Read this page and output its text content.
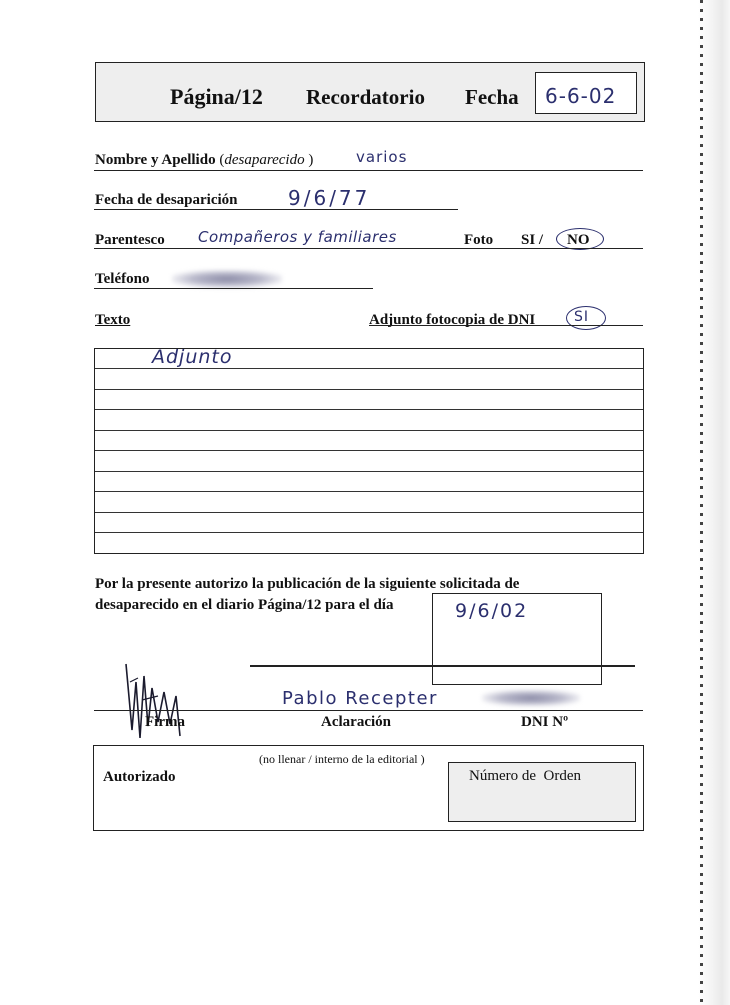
Página/12 Recordatorio Fecha 6-6-02
Nombre y Apellido (desaparecido )	varios
Fecha de desaparición	9/6/77
Parentesco Compañeros y familiares	Foto SI / NO
Teléfono
Texto	Adjunto fotocopia de DNI	SI
Adjunto
Por la presente autorizo la publicación de la siguiente solicitada de
desaparecido en el diario Página/12 para el día	9/6/02
Pablo Recepter
Firma	Aclaración	DNI Nº
(no llenar / interno de la editorial )
Autorizado	Número de  Orden
